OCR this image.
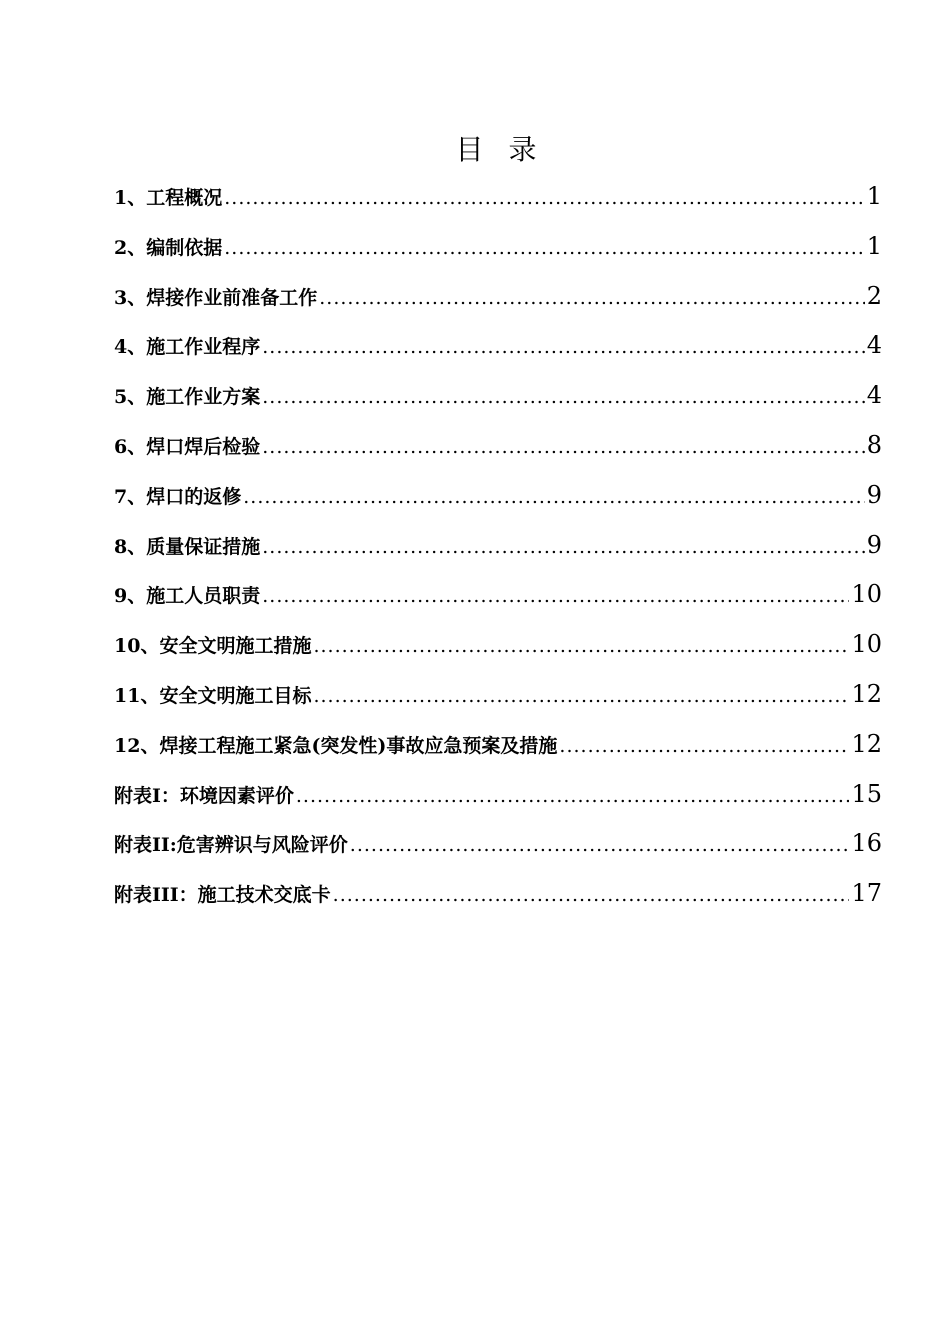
目 录
1、工程概况 .....	1
2、编制依据 .....	1
3、焊接作业前准备工作 .....	2
4、施工作业程序 .....	4
5、施工作业方案 .....	4
6、焊口焊后检验 .....	8
7、焊口的返修 .....	9
8、质量保证措施 .....	9
9、施工人员职责 .....	10
10、安全文明施工措施 .....	10
11、安全文明施工目标 .....	12
12、焊接工程施工紧急(突发性)事故应急预案及措施 .....	12
附表I：环境因素评价 .....	15
附表II:危害辨识与风险评价 .....	16
附表III：施工技术交底卡 .....	17
